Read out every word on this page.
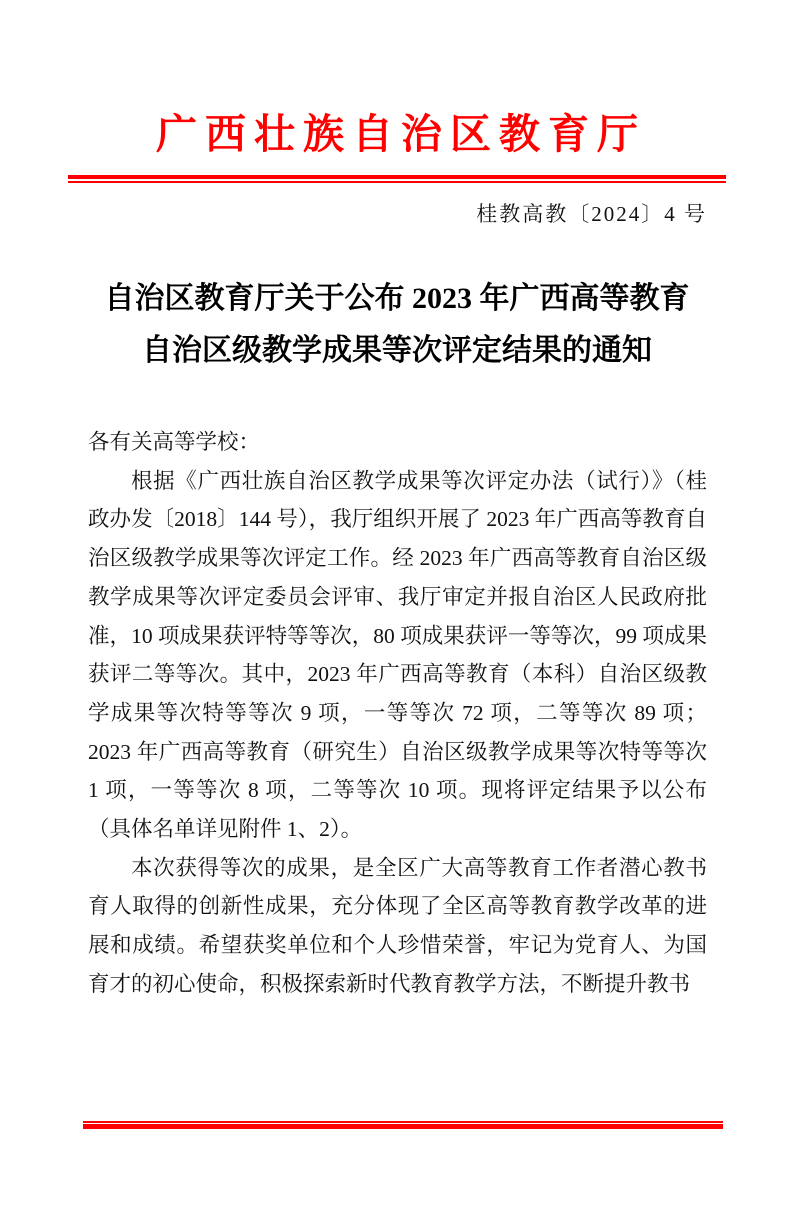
广西壮族自治区教育厅
桂教高教〔2024〕4 号
自治区教育厅关于公布 2023 年广西高等教育
自治区级教学成果等次评定结果的通知

各有关高等学校：

根据《广西壮族自治区教学成果等次评定办法（试行）》（桂政办发〔2018〕144 号），我厅组织开展了 2023 年广西高等教育自治区级教学成果等次评定工作。经 2023 年广西高等教育自治区级教学成果等次评定委员会评审、我厅审定并报自治区人民政府批准，10 项成果获评特等等次，80 项成果获评一等等次，99 项成果获评二等等次。其中，2023 年广西高等教育（本科）自治区级教学成果等次特等等次 9 项，一等等次 72 项，二等等次 89 项；2023 年广西高等教育（研究生）自治区级教学成果等次特等等次 1 项，一等等次 8 项，二等等次 10 项。现将评定结果予以公布（具体名单详见附件 1、2）。

本次获得等次的成果，是全区广大高等教育工作者潜心教书育人取得的创新性成果，充分体现了全区高等教育教学改革的进展和成绩。希望获奖单位和个人珍惜荣誉，牢记为党育人、为国育才的初心使命，积极探索新时代教育教学方法，不断提升教书
